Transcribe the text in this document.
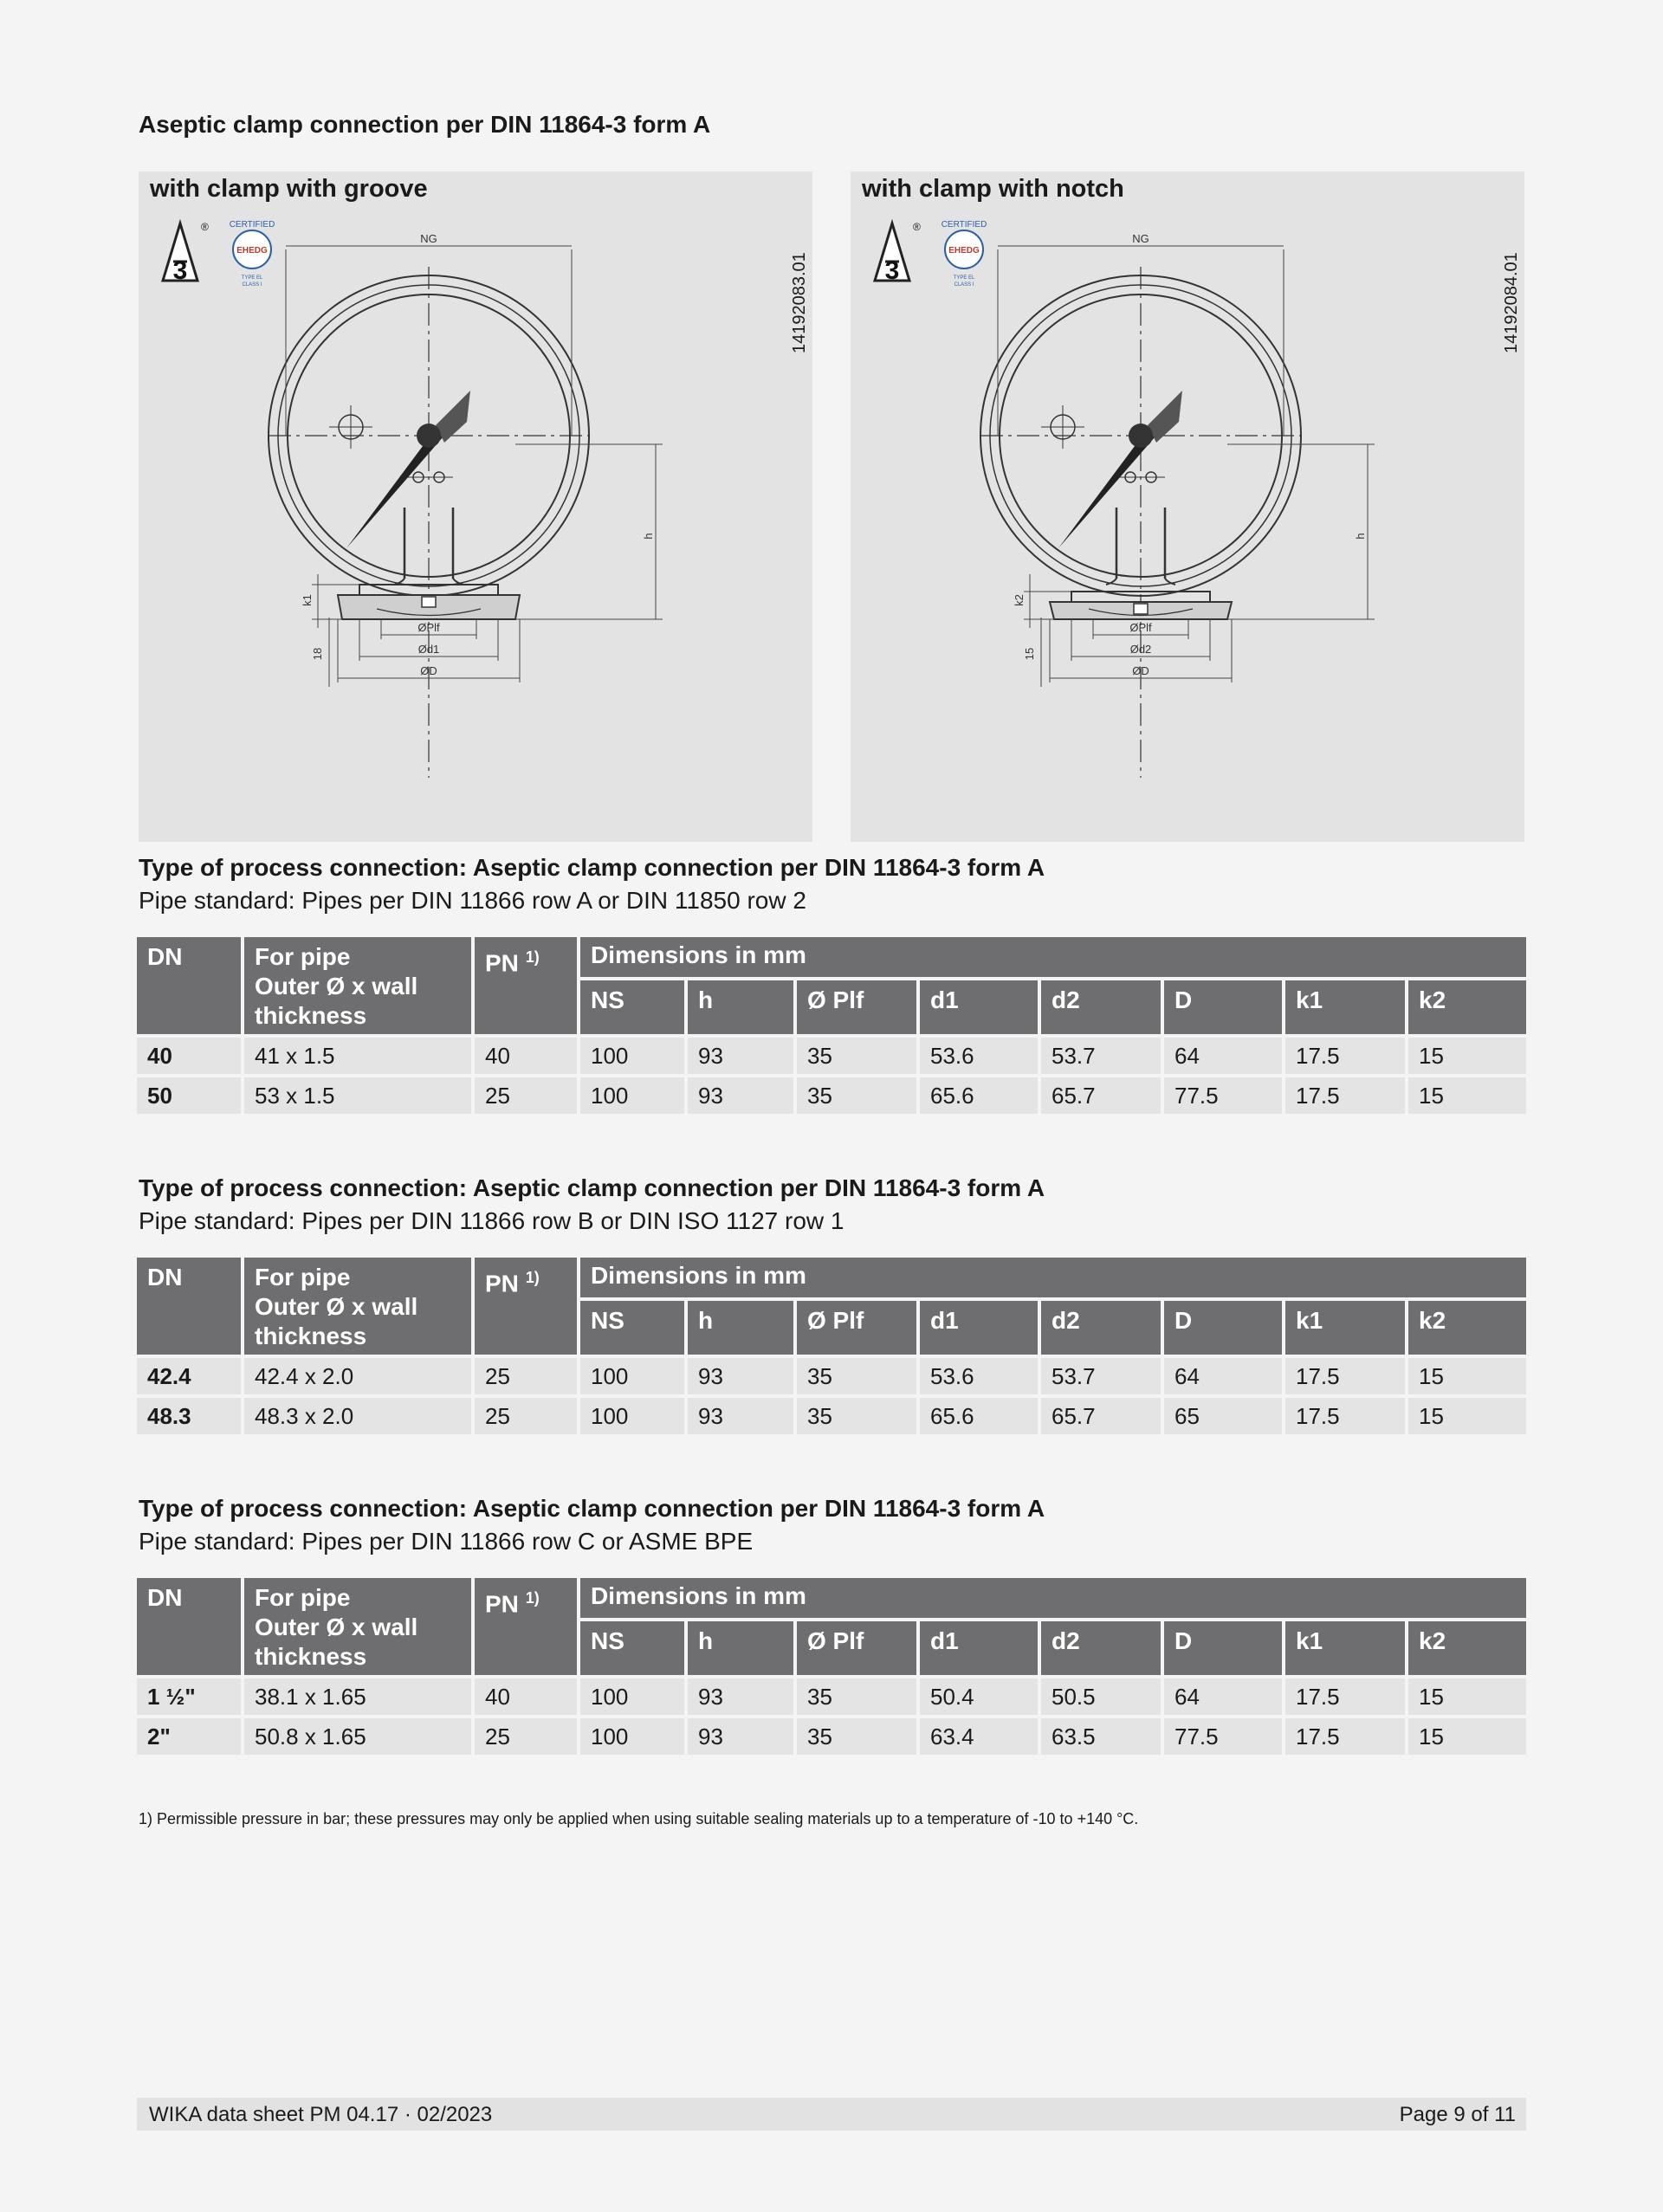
Aseptic clamp connection per DIN 11864-3 form A
with clamp with groove
3
® CERTIFIED
EHEDG
TYPE EL
CLASS I	14192083.01
NG
h
k1
18
ØPlf
Ød1
ØD
with clamp with notch
3
® CERTIFIED
EHEDG
TYPE EL
CLASS I	14192084.01
NG
h
k2
15
ØPlf
Ød2
ØD
Type of process connection: Aseptic clamp connection per DIN 11864-3 form A
Pipe standard: Pipes per DIN 11866 row A or DIN 11850 row 2
DN	For pipe
Outer Ø x wall
thickness	PN $^{1)}$	Dimensions in mm							
			NS	h	Ø Plf	d1	d2	D	k1	k2
40	41 x 1.5	40	100	93	35	53.6	53.7	64	17.5	15
50	53 x 1.5	25	100	93	35	65.6	65.7	77.5	17.5	15
Type of process connection: Aseptic clamp connection per DIN 11864-3 form A
Pipe standard: Pipes per DIN 11866 row B or DIN ISO 1127 row 1
DN	For pipe
Outer Ø x wall
thickness	PN $^{1)}$	Dimensions in mm							
			NS	h	Ø Plf	d1	d2	D	k1	k2
42.4	42.4 x 2.0	25	100	93	35	53.6	53.7	64	17.5	15
48.3	48.3 x 2.0	25	100	93	35	65.6	65.7	65	17.5	15
Type of process connection: Aseptic clamp connection per DIN 11864-3 form A
Pipe standard: Pipes per DIN 11866 row C or ASME BPE
DN	For pipe
Outer Ø x wall
thickness	PN $^{1)}$	Dimensions in mm							
			NS	h	Ø Plf	d1	d2	D	k1	k2
1 ½"	38.1 x 1.65	40	100	93	35	50.4	50.5	64	17.5	15
2"	50.8 x 1.65	25	100	93	35	63.4	63.5	77.5	17.5	15
1) Permissible pressure in bar; these pressures may only be applied when using suitable sealing materials up to a temperature of -10 to +140 °C.
WIKA data sheet PM 04.17 · 02/2023	Page 9 of 11
